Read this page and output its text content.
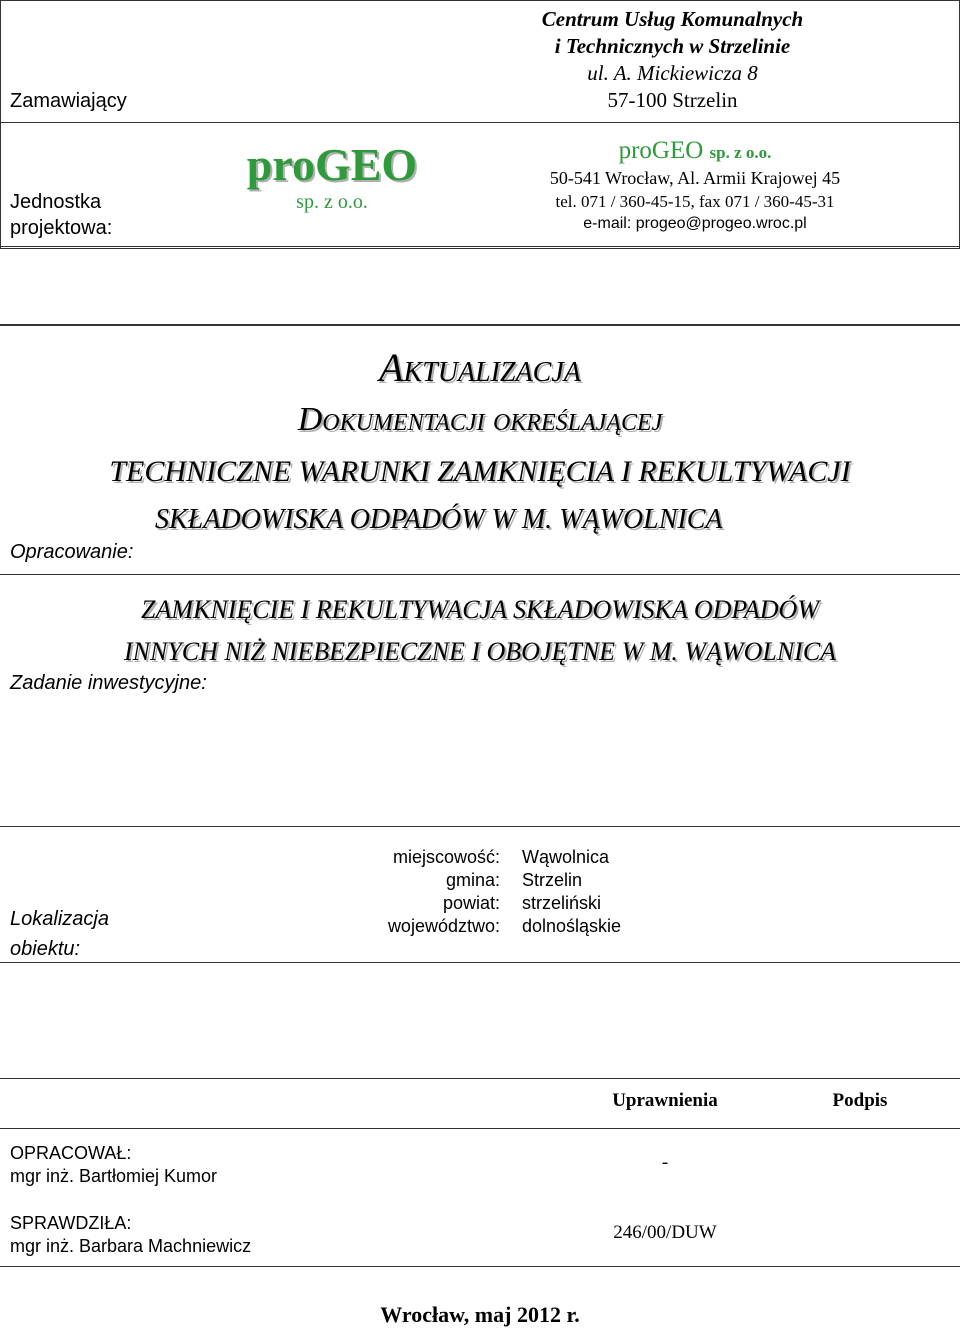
Zamawiający
Centrum Usług Komunalnych
i Technicznych w Strzelinie
ul. A. Mickiewicza 8
57-100 Strzelin
Jednostka
projektowa:
proGEO
sp. z o.o.
proGEO sp. z o.o.
50-541 Wrocław, Al. Armii Krajowej 45
tel. 071 / 360-45-15, fax 071 / 360-45-31
e-mail: progeo@progeo.wroc.pl
Aktualizacja
Dokumentacji określającej
TECHNICZNE WARUNKI ZAMKNIĘCIA I REKULTYWACJI
SKŁADOWISKA ODPADÓW W M. WĄWOLNICA
Opracowanie:
ZAMKNIĘCIE I REKULTYWACJA SKŁADOWISKA ODPADÓW
INNYCH NIŻ NIEBEZPIECZNE I OBOJĘTNE W M. WĄWOLNICA
Zadanie inwestycyjne:
Lokalizacja
obiektu:
miejscowość: Wąwolnica
gmina: Strzelin
powiat: strzeliński
województwo: dolnośląskie
Uprawnienia	Podpis
OPRACOWAŁ:
mgr inż. Bartłomiej Kumor
-
SPRAWDZIŁA:
mgr inż. Barbara Machniewicz
246/00/DUW
Wrocław, maj 2012 r.
